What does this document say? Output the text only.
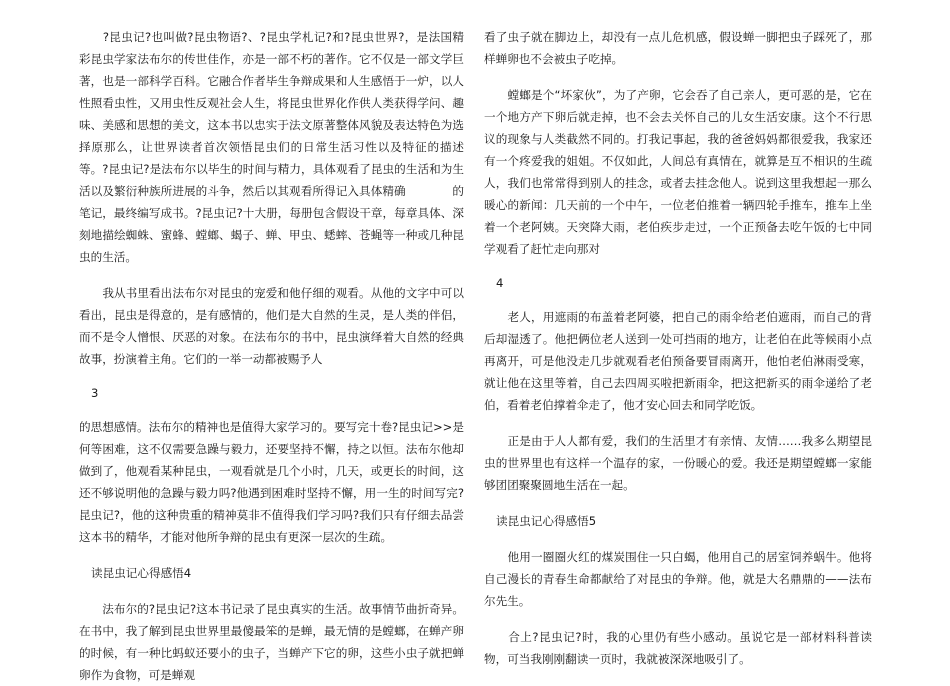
　　?昆虫记?也叫做?昆虫物语?、?昆虫学札记?和?昆虫世界?，是法国精彩昆虫学家法布尔的传世佳作，亦是一部不朽的著作。它不仅是一部文学巨著，也是一部科学百科。它融合作者毕生争辩成果和人生感悟于一炉，以人性照看虫性，又用虫性反观社会人生，将昆虫世界化作供人类获得学问、趣味、美感和思想的美文，这本书以忠实于法文原著整体风貌及表达特色为选择原那么，让世界读者首次领悟昆虫们的日常生活习性以及特征的描述等。?昆虫记?是法布尔以毕生的时间与精力，具体观看了昆虫的生活和为生活以及繁衍种族所进展的斗争，然后以其观看所得记入具体精确　　　　的笔记，最终编写成书。?昆虫记?十大册，每册包含假设干章，每章具体、深刻地描绘蜘蛛、蜜蜂、螳螂、蝎子、蝉、甲虫、蟋蟀、苍蝇等一种或几种昆虫的生活。

　　我从书里看出法布尔对昆虫的宠爱和他仔细的观看。从他的文字中可以看出，昆虫是得意的，是有感情的，他们是大自然的生灵，是人类的伴侣，而不是令人憎恨、厌恶的对象。在法布尔的书中，昆虫演绎着大自然的经典故事，扮演着主角。它们的一举一动都被赐予人

3

的思想感情。法布尔的精神也是值得大家学习的。要写完十卷?昆虫记>>是何等困难，这不仅需要急躁与毅力，还要坚持不懈，持之以恒。法布尔他却做到了，他观看某种昆虫，一观看就是几个小时，几天，或更长的时间，这还不够说明他的急躁与毅力吗?他遇到困难时坚持不懈，用一生的时间写完?昆虫记?，他的这种贵重的精神莫非不值得我们学习吗?我们只有仔细去品尝这本书的精华，才能对他所争辩的昆虫有更深一层次的生疏。

读昆虫记心得感悟4

　　法布尔的?昆虫记?这本书记录了昆虫真实的生活。故事情节曲折奇异。在书中，我了解到昆虫世界里最傻最笨的是蝉，最无情的是螳螂，在蝉产卵的时候，有一种比蚂蚁还要小的虫子，当蝉产下它的卵，这些小虫子就把蝉卵作为食物，可是蝉观

看了虫子就在脚边上，却没有一点儿危机感，假设蝉一脚把虫子踩死了，那样蝉卵也不会被虫子吃掉。

　　螳螂是个“坏家伙”，为了产卵，它会吞了自己亲人，更可恶的是，它在一个地方产下卵后就走掉，也不会去关怀自己的儿女生活安康。这个不行思议的现象与人类截然不同的。打我记事起，我的爸爸妈妈都很爱我，我家还有一个疼爱我的姐姐。不仅如此，人间总有真情在，就算是互不相识的生疏人，我们也常常得到别人的挂念，或者去挂念他人。说到这里我想起一那么暖心的新闻：几天前的一个中午，一位老伯推着一辆四轮手推车，推车上坐着一个老阿姨。天突降大雨，老伯疾步走过，一个正预备去吃午饭的七中同学观看了赶忙走向那对

4

　　老人，用遮雨的布盖着老阿婆，把自己的雨伞给老伯遮雨，而自己的背后却湿透了。他把俩位老人送到一处可挡雨的地方，让老伯在此等候雨小点再离开，可是他没走几步就观看老伯预备要冒雨离开，他怕老伯淋雨受寒，就让他在这里等着，自己去四周买啦把新雨伞，把这把新买的雨伞递给了老伯，看着老伯撑着伞走了，他才安心回去和同学吃饭。

　　正是由于人人都有爱，我们的生活里才有亲情、友情……我多么期望昆虫的世界里也有这样一个温存的家，一份暖心的爱。我还是期望螳螂一家能够团团聚聚圆地生活在一起。

读昆虫记心得感悟5

　　他用一圈圈火红的煤炭围住一只白蝎，他用自己的居室饲养蜗牛。他将自己漫长的青春生命都献给了对昆虫的争辩。他，就是大名鼎鼎的——法布尔先生。

　　合上?昆虫记?时，我的心里仍有些小感动。虽说它是一部材料科普读物，可当我刚刚翻读一页时，我就被深深地吸引了。
